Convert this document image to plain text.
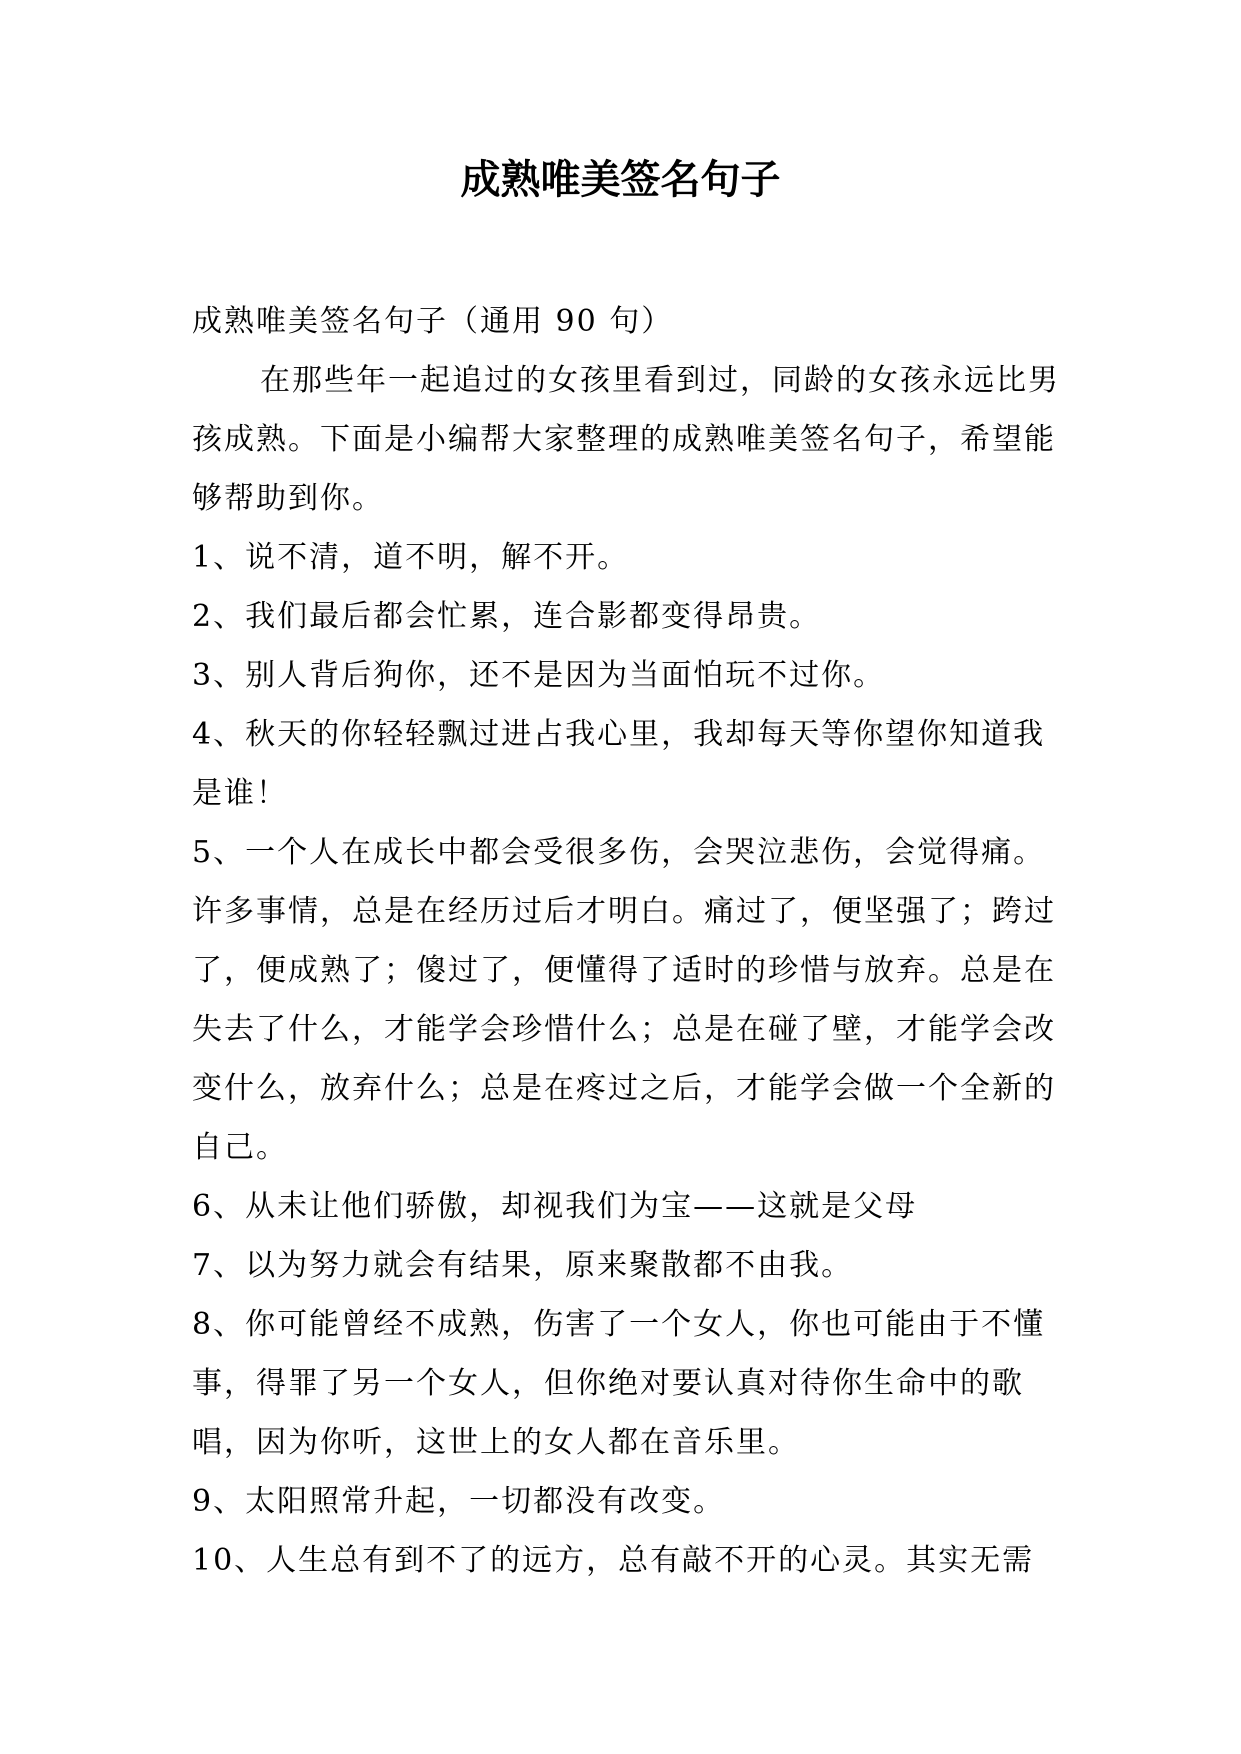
成熟唯美签名句子

成熟唯美签名句子（通用 90 句）

在那些年一起追过的女孩里看到过，同龄的女孩永远比男孩成熟。下面是小编帮大家整理的成熟唯美签名句子，希望能够帮助到你。

1、说不清，道不明，解不开。

2、我们最后都会忙累，连合影都变得昂贵。

3、别人背后狗你，还不是因为当面怕玩不过你。

4、秋天的你轻轻飘过进占我心里，我却每天等你望你知道我是谁！

5、一个人在成长中都会受很多伤，会哭泣悲伤，会觉得痛。许多事情，总是在经历过后才明白。痛过了，便坚强了；跨过了，便成熟了；傻过了，便懂得了适时的珍惜与放弃。总是在失去了什么，才能学会珍惜什么；总是在碰了壁，才能学会改变什么，放弃什么；总是在疼过之后，才能学会做一个全新的自己。

6、从未让他们骄傲，却视我们为宝——这就是父母

7、以为努力就会有结果，原来聚散都不由我。

8、你可能曾经不成熟，伤害了一个女人，你也可能由于不懂事，得罪了另一个女人，但你绝对要认真对待你生命中的歌唱，因为你听，这世上的女人都在音乐里。

9、太阳照常升起，一切都没有改变。

10、人生总有到不了的远方，总有敲不开的心灵。其实无需
